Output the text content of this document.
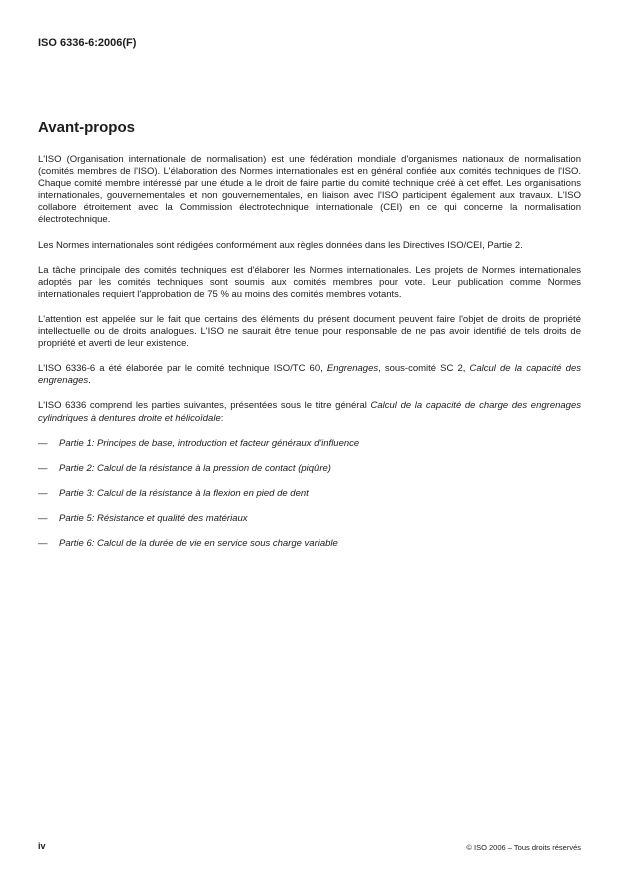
ISO 6336-6:2006(F)
Avant-propos

L'ISO (Organisation internationale de normalisation) est une fédération mondiale d'organismes nationaux de normalisation (comités membres de l'ISO). L'élaboration des Normes internationales est en général confiée aux comités techniques de l'ISO. Chaque comité membre intéressé par une étude a le droit de faire partie du comité technique créé à cet effet. Les organisations internationales, gouvernementales et non gouvernementales, en liaison avec l'ISO participent également aux travaux. L'ISO collabore étroitement avec la Commission électrotechnique internationale (CEI) en ce qui concerne la normalisation électrotechnique.

Les Normes internationales sont rédigées conformément aux règles données dans les Directives ISO/CEI, Partie 2.

La tâche principale des comités techniques est d'élaborer les Normes internationales. Les projets de Normes internationales adoptés par les comités techniques sont soumis aux comités membres pour vote. Leur publication comme Normes internationales requiert l'approbation de 75 % au moins des comités membres votants.

L'attention est appelée sur le fait que certains des éléments du présent document peuvent faire l'objet de droits de propriété intellectuelle ou de droits analogues. L'ISO ne saurait être tenue pour responsable de ne pas avoir identifié de tels droits de propriété et averti de leur existence.

L'ISO 6336-6 a été élaborée par le comité technique ISO/TC 60, Engrenages, sous-comité SC 2, Calcul de la capacité des engrenages.

L'ISO 6336 comprend les parties suivantes, présentées sous le titre général Calcul de la capacité de charge des engrenages cylindriques à dentures droite et hélicoïdale:

—	Partie 1: Principes de base, introduction et facteur généraux d'influence
—	Partie 2: Calcul de la résistance à la pression de contact (piqûre)
—	Partie 3: Calcul de la résistance à la flexion en pied de dent
—	Partie 5: Résistance et qualité des matériaux
—	Partie 6: Calcul de la durée de vie en service sous charge variable
iv	© ISO 2006 – Tous droits réservés
